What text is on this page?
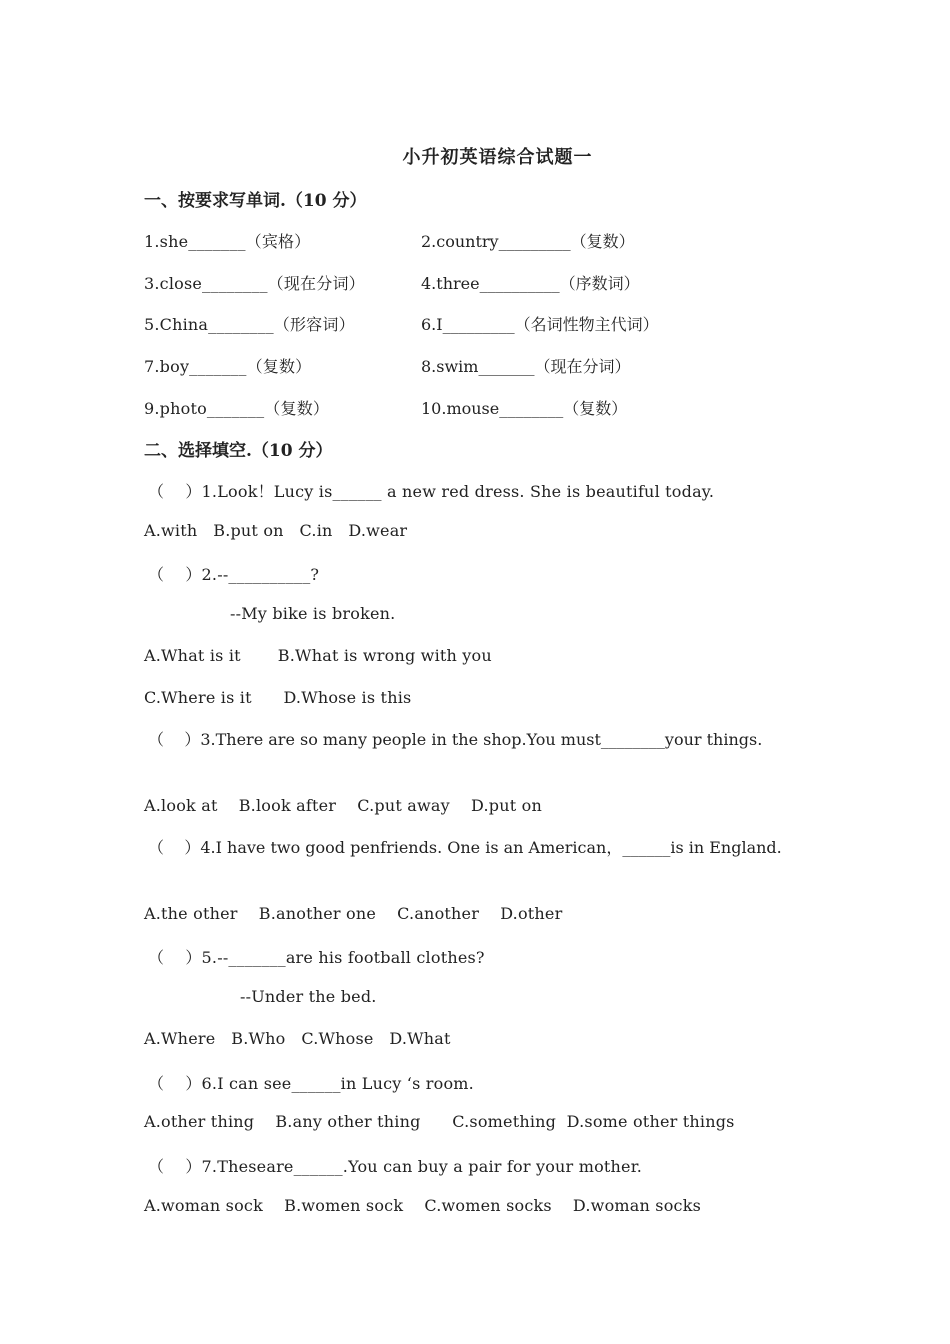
小升初英语综合试题一
一、按要求写单词.（10 分）
1.she_______（宾格）	2.country_________（复数）
3.close________（现在分词）	4.three__________（序数词）
5.China________（形容词）	6.I_________（名词性物主代词）
7.boy_______（复数）	8.swim_______（现在分词）
9.photo_______（复数）	10.mouse________（复数）
二、选择填空.（10 分）
（    ）1.Look！Lucy is______ a new red dress. She is beautiful today.
A.with   B.put on   C.in   D.wear
（    ）2.--__________?
--My bike is broken.
A.What is it       B.What is wrong with you
C.Where is it      D.Whose is this
（    ）3.There are so many people in the shop.You must________your things.
A.look at    B.look after    C.put away    D.put on
（    ）4.I have two good penfriends. One is an American，______is in England.
A.the other    B.another one    C.another    D.other
（    ）5.--_______are his football clothes?
--Under the bed.
A.Where   B.Who   C.Whose   D.What
（    ）6.I can see______in Lucy ‘s room.
A.other thing    B.any other thing      C.something  D.some other things
（    ）7.Theseare______.You can buy a pair for your mother.
A.woman sock    B.women sock    C.women socks    D.woman socks
